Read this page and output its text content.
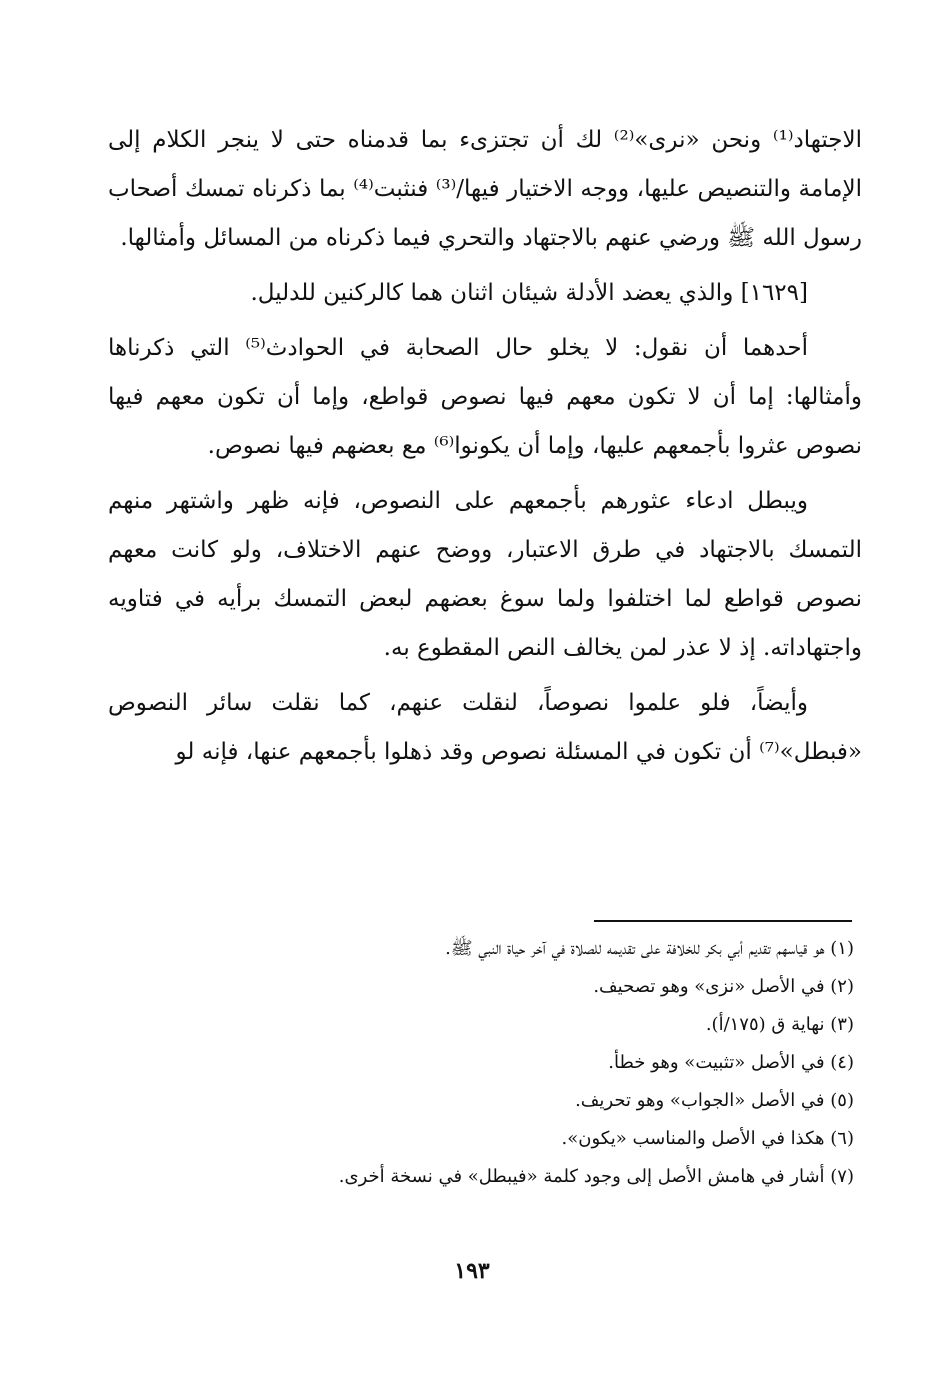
الاجتهاد⁽¹⁾ ونحن «نرى»⁽²⁾ لك أن تجتزىء بما قدمناه حتى لا ينجر الكلام إلى الإمامة والتنصيص عليها، ووجه الاختيار فيها/⁽³⁾ فنثبت⁽⁴⁾ بما ذكرناه تمسك أصحاب رسول الله ﷺ ورضي عنهم بالاجتهاد والتحري فيما ذكرناه من المسائل وأمثالها.

[١٦٢٩] والذي يعضد الأدلة شيئان اثنان هما كالركنين للدليل.

أحدهما أن نقول: لا يخلو حال الصحابة في الحوادث⁽⁵⁾ التي ذكرناها وأمثالها: إما أن لا تكون معهم فيها نصوص قواطع، وإما أن تكون معهم فيها نصوص عثروا بأجمعهم عليها، وإما أن يكونوا⁽⁶⁾ مع بعضهم فيها نصوص.

ويبطل ادعاء عثورهم بأجمعهم على النصوص، فإنه ظهر واشتهر منهم التمسك بالاجتهاد في طرق الاعتبار، ووضح عنهم الاختلاف، ولو كانت معهم نصوص قواطع لما اختلفوا ولما سوغ بعضهم لبعض التمسك برأيه في فتاويه واجتهاداته. إذ لا عذر لمن يخالف النص المقطوع به.

وأيضاً، فلو علموا نصوصاً، لنقلت عنهم، كما نقلت سائر النصوص «فبطل»⁽⁷⁾ أن تكون في المسئلة نصوص وقد ذهلوا بأجمعهم عنها، فإنه لو

(١) هو قياسهم تقديم أبي بكر للخلافة على تقديمه للصلاة في آخر حياة النبي ﷺ.
(٢) في الأصل «نزى» وهو تصحيف.
(٣) نهاية ق (١٧٥/أ).
(٤) في الأصل «تثبيت» وهو خطأ.
(٥) في الأصل «الجواب» وهو تحريف.
(٦) هكذا في الأصل والمناسب «يكون».
(٧) أشار في هامش الأصل إلى وجود كلمة «فيبطل» في نسخة أخرى.
١٩٣
